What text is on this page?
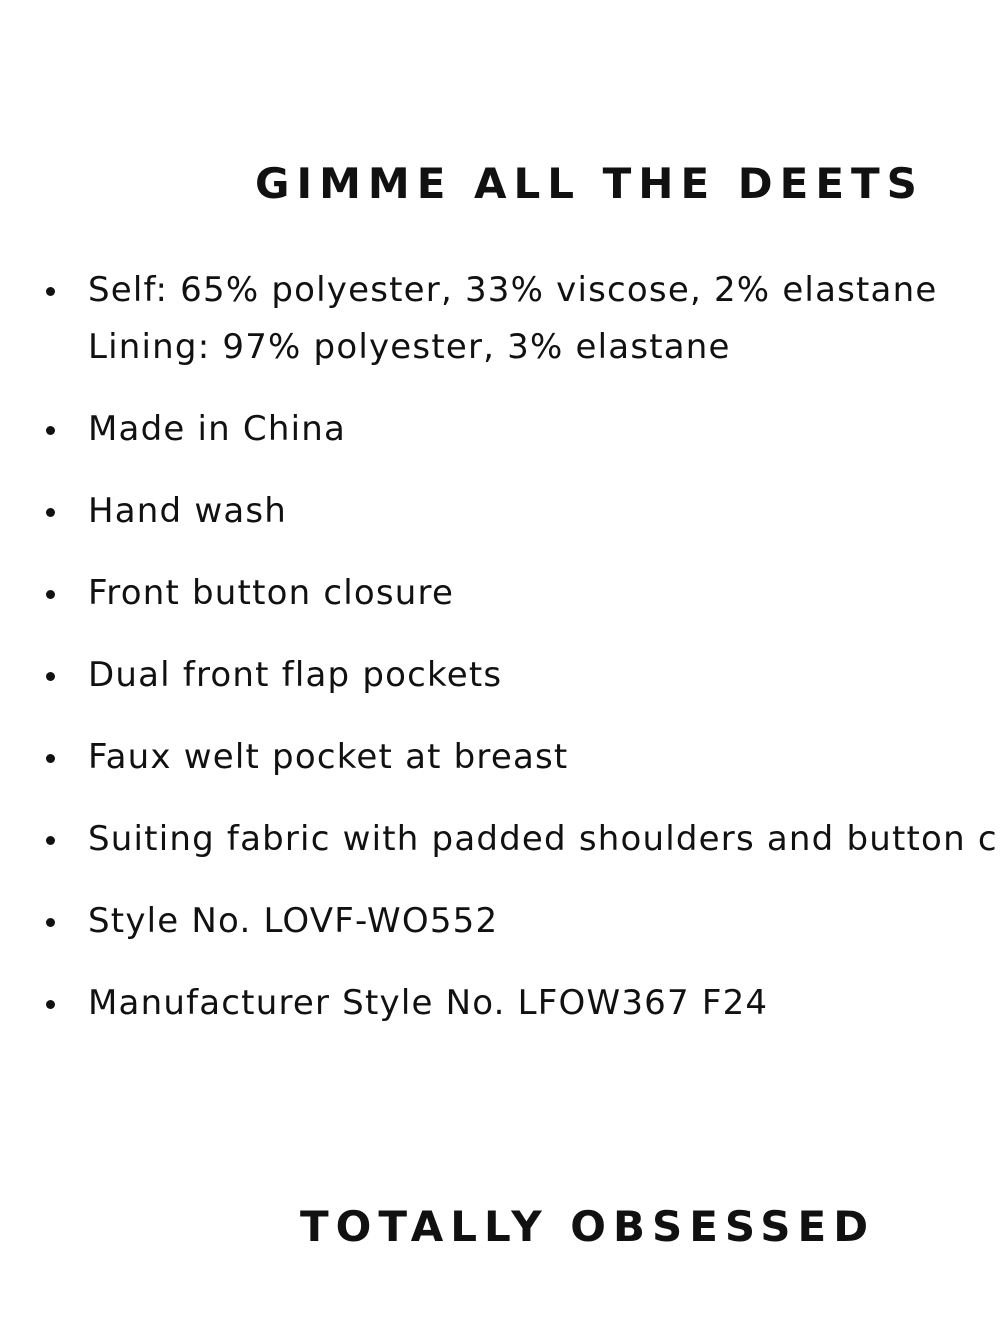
GIMME ALL THE DEETS
Self: 65% polyester, 33% viscose, 2% elastane
Lining: 97% polyester, 3% elastane
Made in China
Hand wash
Front button closure
Dual front flap pockets
Faux welt pocket at breast
Suiting fabric with padded shoulders and button c
Style No. LOVF-WO552
Manufacturer Style No. LFOW367 F24
TOTALLY OBSESSED
